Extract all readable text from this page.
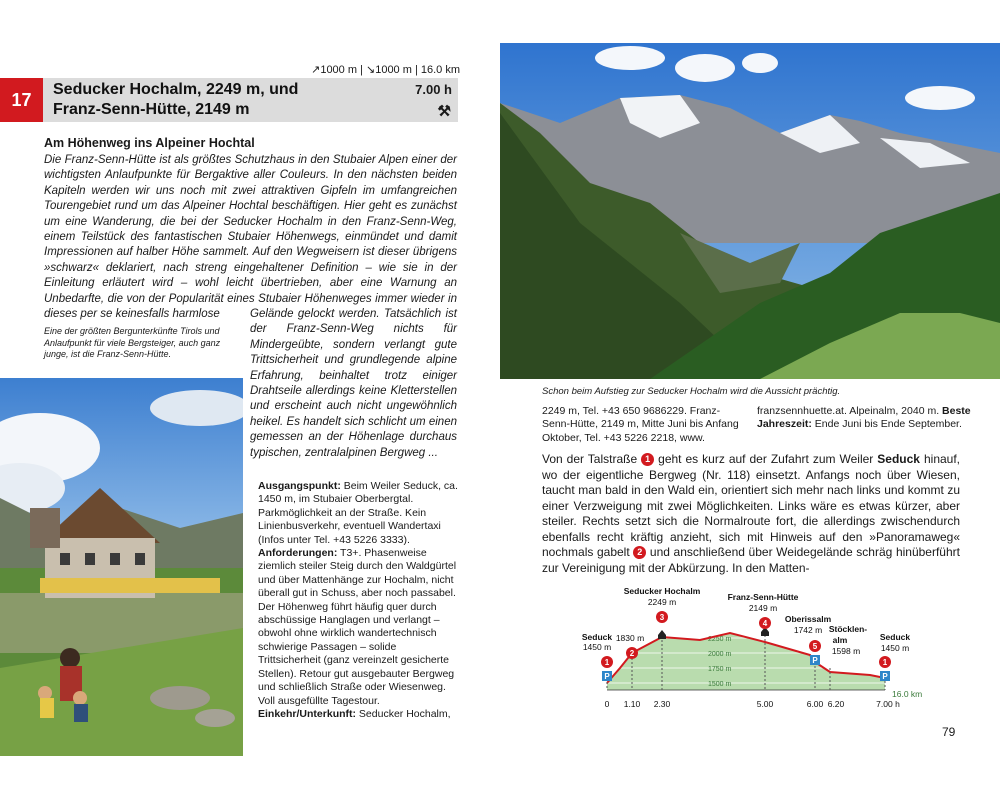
↗1000 m | ↘1000 m | 16.0 km
17	Seducker Hochalm, 2249 m, und
Franz-Senn-Hütte, 2149 m
7.00 h
⚒
Am Höhenweg ins Alpeiner Hochtal
Die Franz-Senn-Hütte ist als größtes Schutzhaus in den Stubaier Alpen einer der wichtigsten Anlaufpunkte für Bergaktive aller Couleurs. In den nächsten beiden Kapiteln werden wir uns noch mit zwei attraktiven Gipfeln im umfangreichen Tourengebiet rund um das Alpeiner Hochtal beschäftigen. Hier geht es zunächst um eine Wanderung, die bei der Seducker Hochalm in den Franz-Senn-Weg, einem Teilstück des fantastischen Stubaier Höhenwegs, einmündet und damit Impressionen auf halber Höhe sammelt. Auf den Wegweisern ist dieser übrigens »schwarz« deklariert, nach streng eingehaltener Definition – wie sie in der Einleitung erläutert wird – wohl leicht übertrieben, aber eine Warnung an Unbedarfte, die von der Popularität eines Stubaier Höhenweges immer wieder in dieses per se keinesfalls harmlose	Gelände gelockt werden. Tatsächlich ist der Franz-Senn-Weg nichts für Mindergeübte, sondern verlangt gute Trittsicherheit und grundlegende alpine Erfahrung, beinhaltet trotz einiger Drahtseile allerdings keine Kletterstellen und erscheint auch nicht ungewöhnlich heikel. Es handelt sich schlicht um einen gemessen an der Höhenlage durchaus typischen, zentralalpinen Bergweg ...
Eine der größten Bergunterkünfte Tirols und Anlaufpunkt für viele Bergsteiger, auch ganz junge, ist die Franz-Senn-Hütte.
Ausgangspunkt: Beim Weiler Seduck, ca. 1450 m, im Stubaier Oberbergtal. Parkmöglichkeit an der Straße. Kein Linienbusverkehr, eventuell Wandertaxi (Infos unter Tel. +43 5226 3333).
Anforderungen: T3+. Phasenweise ziemlich steiler Steig durch den Waldgürtel und über Mattenhänge zur Hochalm, nicht überall gut in Schuss, aber noch passabel. Der Höhenweg führt häufig quer durch abschüssige Hanglagen und verlangt – obwohl ohne wirklich wandertechnisch schwierige Passagen – solide Trittsicherheit (ganz vereinzelt gesicherte Stellen). Retour gut ausgebauter Bergweg und schließlich Straße oder Wiesenweg. Voll ausgefüllte Tagestour.
Einkehr/Unterkunft: Seducker Hochalm,
Schon beim Aufstieg zur Seducker Hochalm wird die Aussicht prächtig.
2249 m, Tel. +43 650 9686229. Franz-Senn-Hütte, 2149 m, Mitte Juni bis Anfang Oktober, Tel. +43 5226 2218, www.
franzsennhuette.at. Alpeinalm, 2040 m. Beste Jahreszeit: Ende Juni bis Ende September.
Von der Talstraße 1 geht es kurz auf der Zufahrt zum Weiler Seduck hinauf, wo der eigentliche Bergweg (Nr. 118) einsetzt. Anfangs noch über Wiesen, taucht man bald in den Wald ein, orientiert sich mehr nach links und kommt zu einer Verzweigung mit zwei Möglichkeiten. Links wäre es etwas kürzer, aber steiler. Rechts setzt sich die Normalroute fort, die allerdings zwischendurch ebenfalls recht kräftig anzieht, sich mit Hinweis auf den »Panoramaweg« nochmals gabelt 2 und anschließend über Weidegelände schräg hinüberführt zur Vereinigung mit der Abkürzung. In den Matten-
2250 m
2000 m
1750 m
1500 m
1
2
3
4
5
1
P
P
P
Seduck
1450 m
1830 m
Seducker Hochalm
2249 m	Franz-Senn-Hütte
2149 m
Oberissalm
1742 m Stöcklen-
alm
1598 m
Seduck
1450 m
16.0 km
0 1.10 2.30	5.00	6.00 6.20	7.00 h
79
